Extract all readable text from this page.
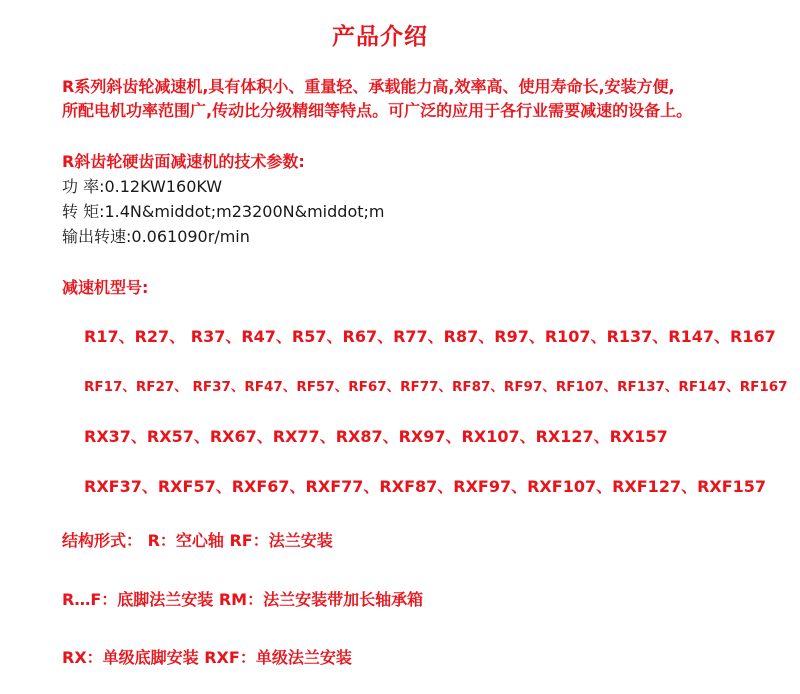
产品介绍
R系列斜齿轮减速机,具有体积小、重量轻、承载能力高,效率高、使用寿命长,安装方便,
所配电机功率范围广,传动比分级精细等特点。可广泛的应用于各行业需要减速的设备上。
R斜齿轮硬齿面减速机的技术参数:
功 率:0.12KW160KW
转 矩:1.4N&middot;m23200N&middot;m
输出转速:0.061090r/min
减速机型号:
R17、R27、 R37、R47、R57、R67、R77、R87、R97、R107、R137、R147、R167
RF17、RF27、 RF37、RF47、RF57、RF67、RF77、RF87、RF97、RF107、RF137、RF147、RF167
RX37、RX57、RX67、RX77、RX87、RX97、RX107、RX127、RX157
RXF37、RXF57、RXF67、RXF77、RXF87、RXF97、RXF107、RXF127、RXF157
结构形式： R：空心轴 RF：法兰安装
R…F：底脚法兰安装 RM：法兰安装带加长轴承箱
RX：单级底脚安装 RXF：单级法兰安装
